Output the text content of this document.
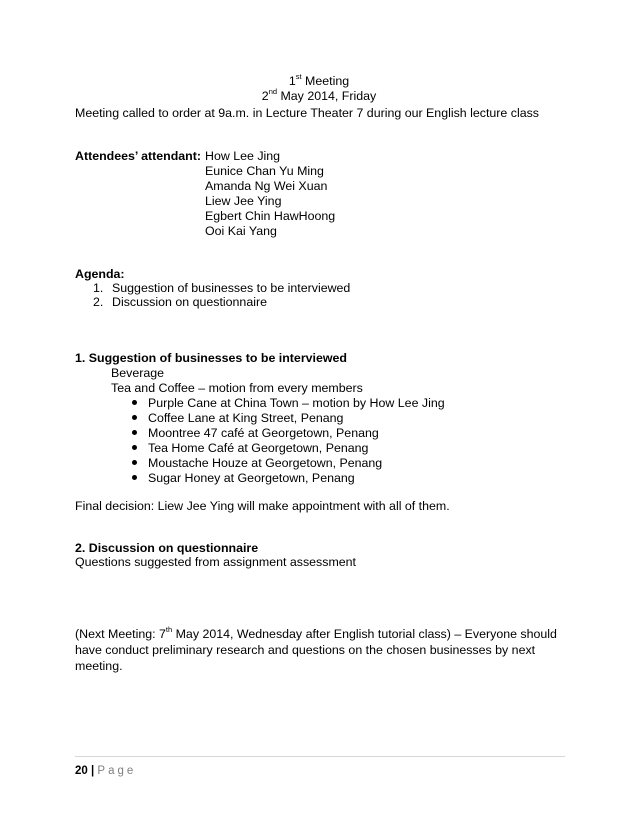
1st Meeting
2nd May 2014, Friday
Meeting called to order at 9a.m. in Lecture Theater 7 during our English lecture class
Attendees’ attendant: How Lee Jing
Eunice Chan Yu Ming
Amanda Ng Wei Xuan
Liew Jee Ying
Egbert Chin HawHoong
Ooi Kai Yang
Agenda:
1. Suggestion of businesses to be interviewed
2. Discussion on questionnaire
1. Suggestion of businesses to be interviewed
Beverage
Tea and Coffee – motion from every members
Purple Cane at China Town – motion by How Lee Jing
Coffee Lane at King Street, Penang
Moontree 47 café at Georgetown, Penang
Tea Home Café at Georgetown, Penang
Moustache Houze at Georgetown, Penang
Sugar Honey at Georgetown, Penang
Final decision: Liew Jee Ying will make appointment with all of them.
2. Discussion on questionnaire
Questions suggested from assignment assessment
(Next Meeting: 7th May 2014, Wednesday after English tutorial class) – Everyone should
have conduct preliminary research and questions on the chosen businesses by next
meeting.
20 | Page
